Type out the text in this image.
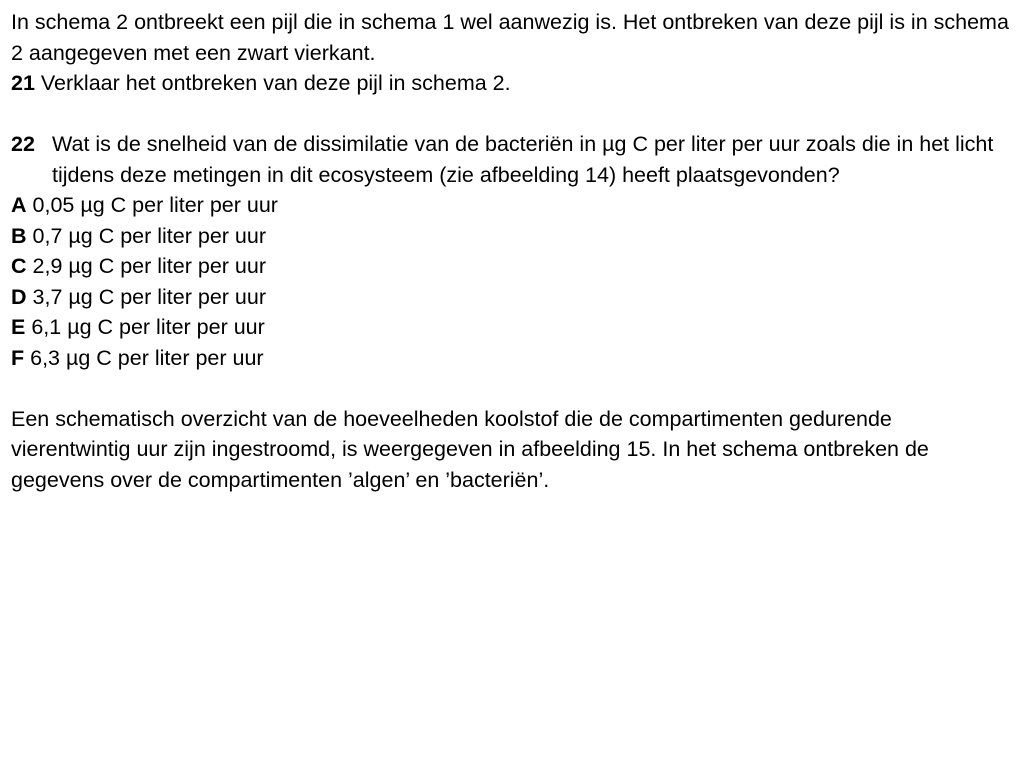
In schema 2 ontbreekt een pijl die in schema 1 wel aanwezig is. Het ontbreken van deze pijl is in schema 2 aangegeven met een zwart vierkant.

21 Verklaar het ontbreken van deze pijl in schema 2.

22 Wat is de snelheid van de dissimilatie van de bacteriën in µg C per liter per uur zoals die in het licht tijdens deze metingen in dit ecosysteem (zie afbeelding 14) heeft plaatsgevonden?

A 0,05 µg C per liter per uur

B 0,7 µg C per liter per uur

C 2,9 µg C per liter per uur

D 3,7 µg C per liter per uur

E 6,1 µg C per liter per uur

F 6,3 µg C per liter per uur

Een schematisch overzicht van de hoeveelheden koolstof die de compartimenten gedurende vierentwintig uur zijn ingestroomd, is weergegeven in afbeelding 15. In het schema ontbreken de gegevens over de compartimenten ’algen’ en ’bacteriën’.
